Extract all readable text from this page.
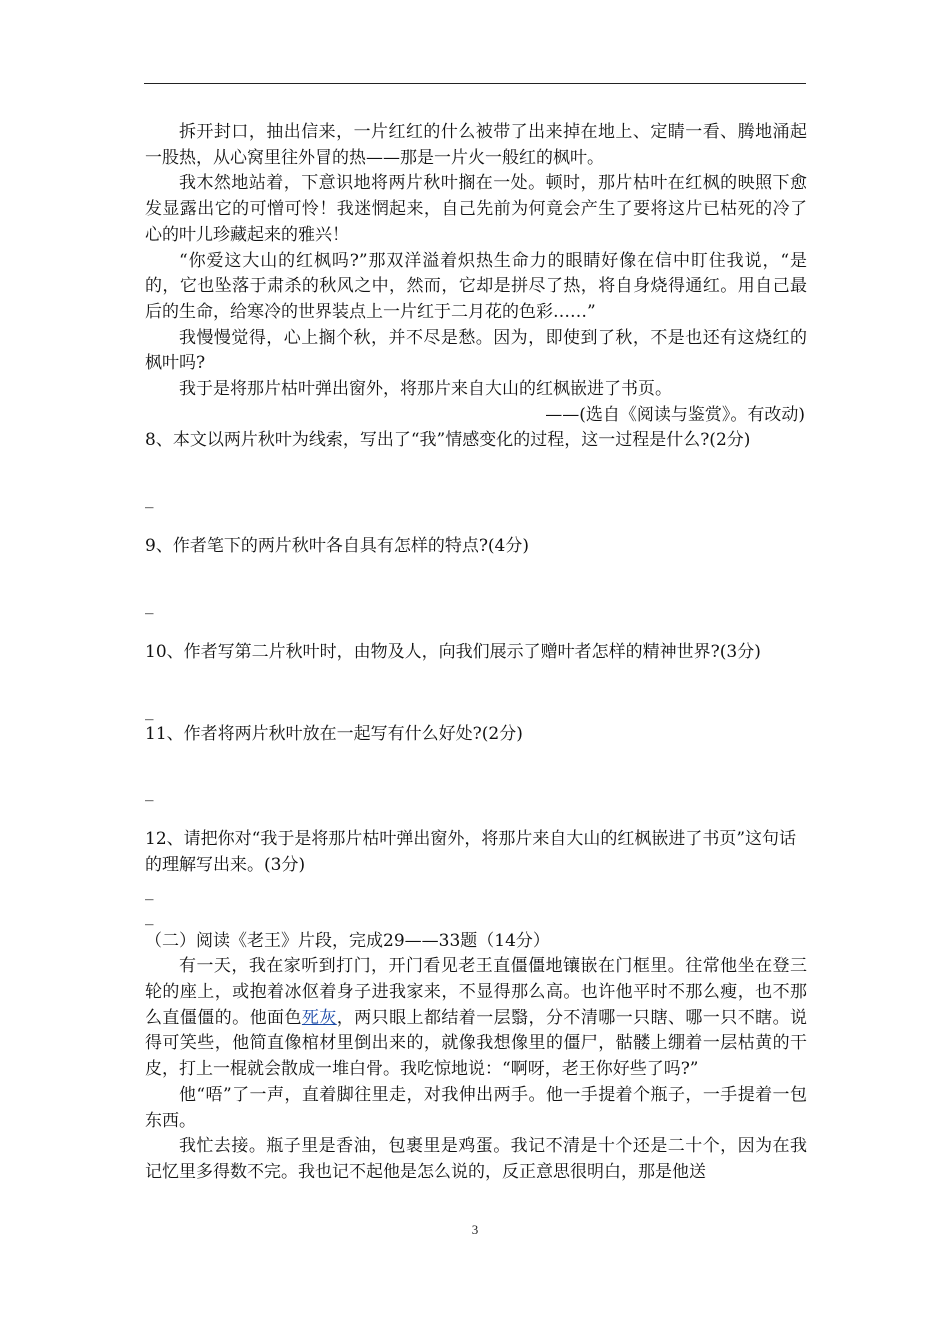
拆开封口，抽出信来，一片红红的什么被带了出来掉在地上、定睛一看、腾地涌起一股热，从心窝里往外冒的热——那是一片火一般红的枫叶。

我木然地站着，下意识地将两片秋叶搁在一处。顿时，那片枯叶在红枫的映照下愈发显露出它的可憎可怜！我迷惘起来，自己先前为何竟会产生了要将这片已枯死的冷了心的叶儿珍藏起来的雅兴！

“你爱这大山的红枫吗?”那双洋溢着炽热生命力的眼睛好像在信中盯住我说，“是的，它也坠落于肃杀的秋风之中，然而，它却是拼尽了热，将自身烧得通红。用自己最后的生命，给寒冷的世界装点上一片红于二月花的色彩……”

我慢慢觉得，心上搁个秋，并不尽是愁。因为，即使到了秋，不是也还有这烧红的枫叶吗?

我于是将那片枯叶弹出窗外，将那片来自大山的红枫嵌进了书页。

——(选自《阅读与鉴赏》。有改动)

8、本文以两片秋叶为线索，写出了“我”情感变化的过程，这一过程是什么?(2分)

_

9、作者笔下的两片秋叶各自具有怎样的特点?(4分)

_

10、作者写第二片秋叶时，由物及人，向我们展示了赠叶者怎样的精神世界?(3分)

_

11、作者将两片秋叶放在一起写有什么好处?(2分)

_

12、请把你对“我于是将那片枯叶弹出窗外，将那片来自大山的红枫嵌进了书页”这句话的理解写出来。(3分)

_

_

（二）阅读《老王》片段，完成29——33题（14分）

有一天，我在家听到打门，开门看见老王直僵僵地镶嵌在门框里。往常他坐在登三轮的座上，或抱着冰伛着身子进我家来，不显得那么高。也许他平时不那么瘦，也不那么直僵僵的。他面色死灰，两只眼上都结着一层翳，分不清哪一只瞎、哪一只不瞎。说得可笑些，他简直像棺材里倒出来的，就像我想像里的僵尸，骷髅上绷着一层枯黄的干皮，打上一棍就会散成一堆白骨。我吃惊地说：“啊呀，老王你好些了吗?”

他“唔”了一声，直着脚往里走，对我伸出两手。他一手提着个瓶子，一手提着一包东西。

我忙去接。瓶子里是香油，包裹里是鸡蛋。我记不清是十个还是二十个，因为在我记忆里多得数不完。我也记不起他是怎么说的，反正意思很明白，那是他送

3
